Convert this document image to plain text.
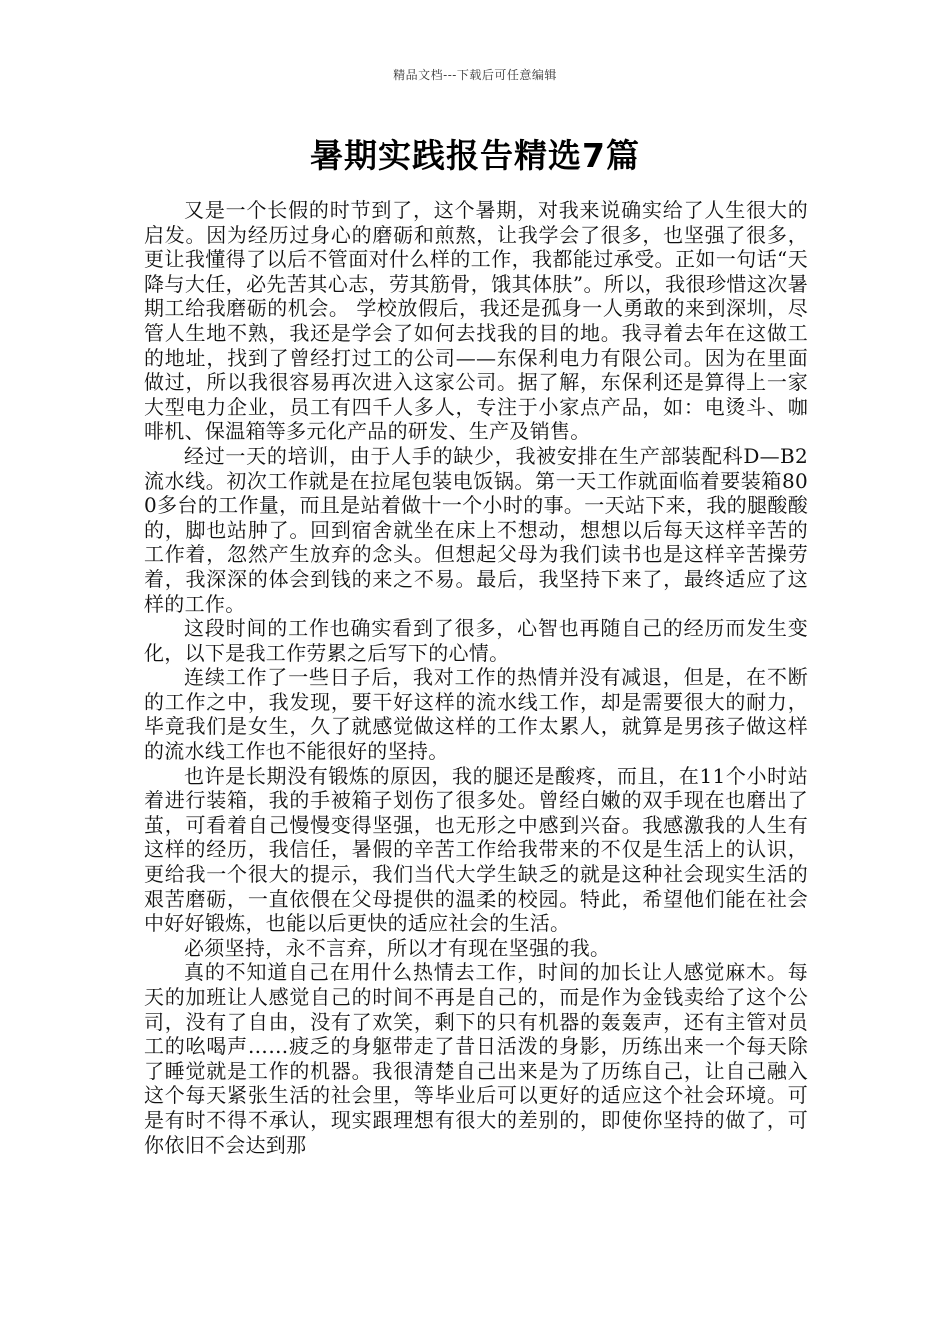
精品文档---下载后可任意编辑
暑期实践报告精选7篇

又是一个长假的时节到了，这个暑期，对我来说确实给了人生很大的启发。因为经历过身心的磨砺和煎熬，让我学会了很多，也坚强了很多，更让我懂得了以后不管面对什么样的工作，我都能过承受。正如一句话“天降与大任，必先苦其心志，劳其筋骨，饿其体肤”。所以，我很珍惜这次暑期工给我磨砺的机会。 学校放假后，我还是孤身一人勇敢的来到深圳，尽管人生地不熟，我还是学会了如何去找我的目的地。我寻着去年在这做工的地址，找到了曾经打过工的公司——东保利电力有限公司。因为在里面做过，所以我很容易再次进入这家公司。据了解，东保利还是算得上一家大型电力企业，员工有四千人多人，专注于小家点产品，如：电烫斗、咖啡机、保温箱等多元化产品的研发、生产及销售。

经过一天的培训，由于人手的缺少，我被安排在生产部装配科D—B2流水线。初次工作就是在拉尾包装电饭锅。第一天工作就面临着要装箱800多台的工作量，而且是站着做十一个小时的事。一天站下来，我的腿酸酸的，脚也站肿了。回到宿舍就坐在床上不想动，想想以后每天这样辛苦的工作着，忽然产生放弃的念头。但想起父母为我们读书也是这样辛苦操劳着，我深深的体会到钱的来之不易。最后，我坚持下来了，最终适应了这样的工作。

这段时间的工作也确实看到了很多，心智也再随自己的经历而发生变化，以下是我工作劳累之后写下的心情。

连续工作了一些日子后，我对工作的热情并没有减退，但是，在不断的工作之中，我发现，要干好这样的流水线工作，却是需要很大的耐力，毕竟我们是女生，久了就感觉做这样的工作太累人，就算是男孩子做这样的流水线工作也不能很好的坚持。

也许是长期没有锻炼的原因，我的腿还是酸疼，而且，在11个小时站着进行装箱，我的手被箱子划伤了很多处。曾经白嫩的双手现在也磨出了茧，可看着自己慢慢变得坚强，也无形之中感到兴奋。我感激我的人生有这样的经历，我信任，暑假的辛苦工作给我带来的不仅是生活上的认识，更给我一个很大的提示，我们当代大学生缺乏的就是这种社会现实生活的艰苦磨砺，一直依偎在父母提供的温柔的校园。特此，希望他们能在社会中好好锻炼，也能以后更快的适应社会的生活。

必须坚持，永不言弃，所以才有现在坚强的我。

真的不知道自己在用什么热情去工作，时间的加长让人感觉麻木。每天的加班让人感觉自己的时间不再是自己的，而是作为金钱卖给了这个公司，没有了自由，没有了欢笑，剩下的只有机器的轰轰声，还有主管对员工的吆喝声……疲乏的身躯带走了昔日活泼的身影，历练出来一个每天除了睡觉就是工作的机器。我很清楚自己出来是为了历练自己，让自己融入这个每天紧张生活的社会里，等毕业后可以更好的适应这个社会环境。可是有时不得不承认，现实跟理想有很大的差别的，即使你坚持的做了，可你依旧不会达到那
